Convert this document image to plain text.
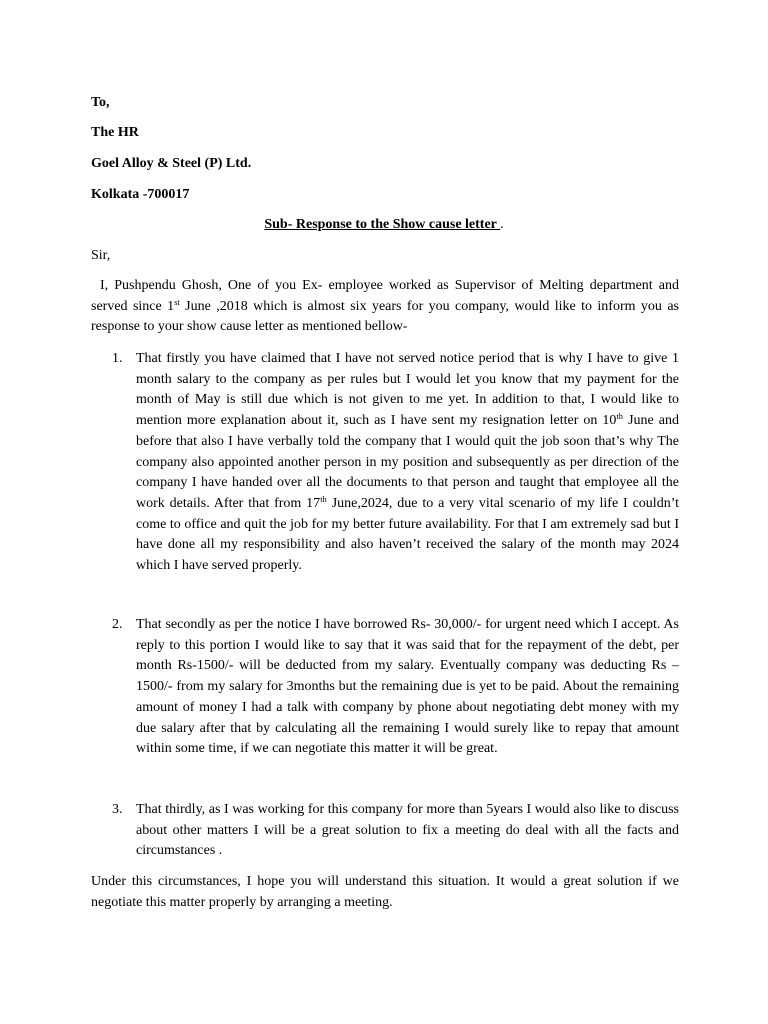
To,

The HR

Goel Alloy & Steel (P) Ltd.

Kolkata -700017

Sub- Response to the Show cause letter .

Sir,

I, Pushpendu Ghosh, One of you Ex- employee worked as Supervisor of Melting department and served since 1st June ,2018 which is almost six years for you company, would like to inform you as response to your show cause letter as mentioned bellow-

1. That firstly you have claimed that I have not served notice period that is why I have to give 1 month salary to the company as per rules but I would let you know that my payment for the month of May is still due which is not given to me yet. In addition to that, I would like to mention more explanation about it, such as I have sent my resignation letter on 10th June and before that also I have verbally told the company that I would quit the job soon that’s why The company also appointed another person in my position and subsequently as per direction of the company I have handed over all the documents to that person and taught that employee all the work details. After that from 17th June,2024, due to a very vital scenario of my life I couldn’t come to office and quit the job for my better future availability. For that I am extremely sad but I have done all my responsibility and also haven’t received the salary of the month may 2024 which I have served properly.

2. That secondly as per the notice I have borrowed Rs- 30,000/- for urgent need which I accept. As reply to this portion I would like to say that it was said that for the repayment of the debt, per month Rs-1500/- will be deducted from my salary. Eventually company was deducting Rs – 1500/- from my salary for 3months but the remaining due is yet to be paid. About the remaining amount of money I had a talk with company by phone about negotiating debt money with my due salary after that by calculating all the remaining I would surely like to repay that amount within some time, if we can negotiate this matter it will be great.

3. That thirdly, as I was working for this company for more than 5years I would also like to discuss about other matters I will be a great solution to fix a meeting do deal with all the facts and circumstances .

Under this circumstances, I hope you will understand this situation. It would a great solution if we negotiate this matter properly by arranging a meeting.
